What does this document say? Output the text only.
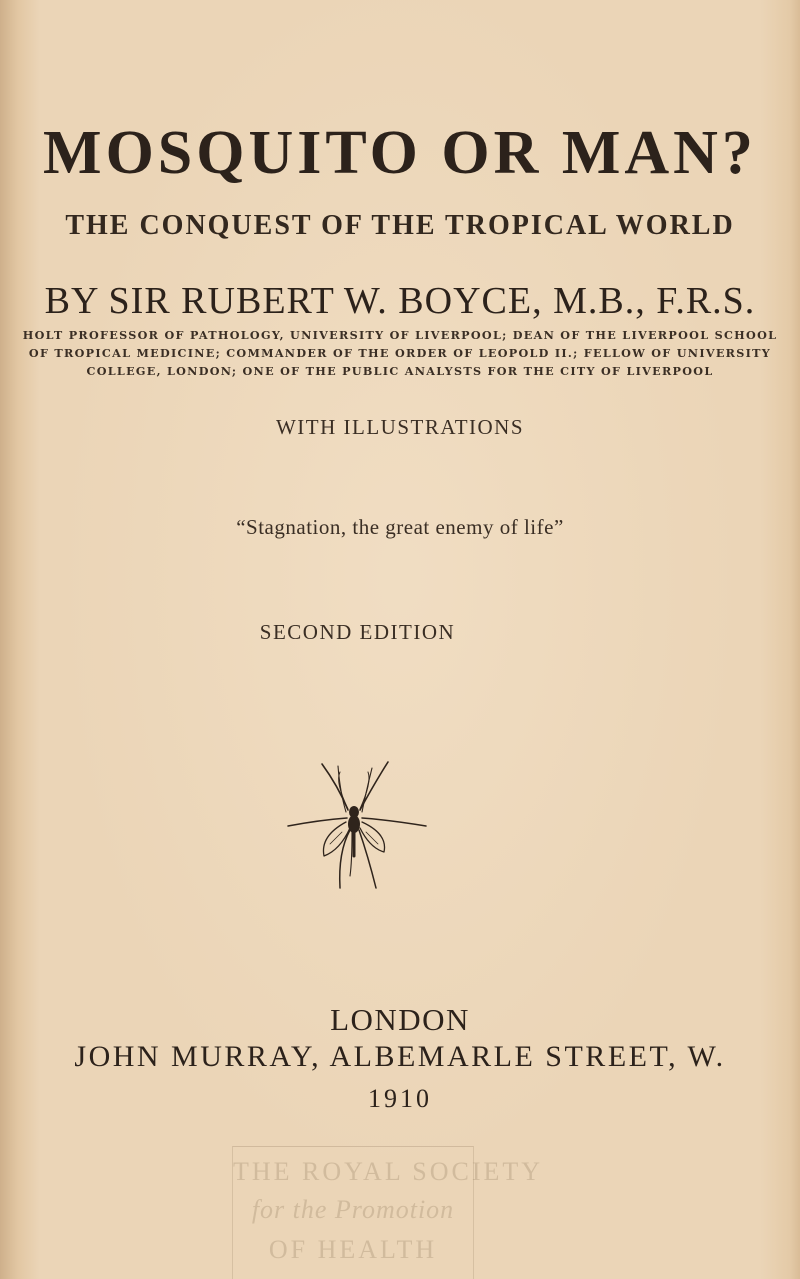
MOSQUITO OR MAN?
THE CONQUEST OF THE TROPICAL WORLD
BY SIR RUBERT W. BOYCE, M.B., F.R.S.
HOLT PROFESSOR OF PATHOLOGY, UNIVERSITY OF LIVERPOOL; DEAN OF THE LIVERPOOL SCHOOL
OF TROPICAL MEDICINE; COMMANDER OF THE ORDER OF LEOPOLD II.; FELLOW OF UNIVERSITY
COLLEGE, LONDON; ONE OF THE PUBLIC ANALYSTS FOR THE CITY OF LIVERPOOL
WITH ILLUSTRATIONS
“Stagnation, the great enemy of life”
SECOND EDITION
LONDON
JOHN MURRAY, ALBEMARLE STREET, W.
1910
THE ROYAL SOCIETY
for the Promotion
OF HEALTH
